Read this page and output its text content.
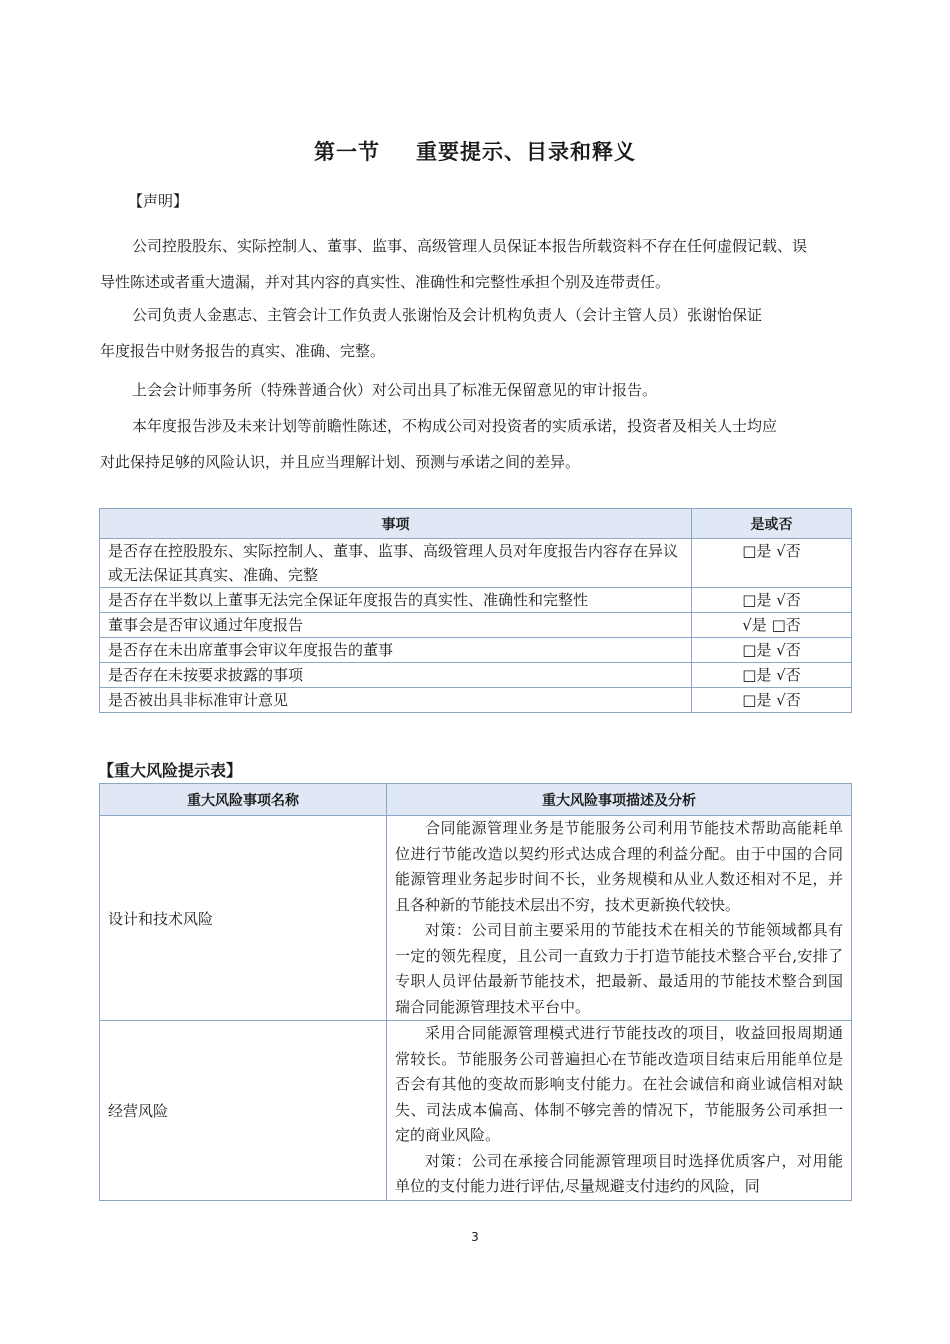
第一节 重要提示、目录和释义
【声明】
公司控股股东、实际控制人、董事、监事、高级管理人员保证本报告所载资料不存在任何虚假记载、误
导性陈述或者重大遗漏，并对其内容的真实性、准确性和完整性承担个别及连带责任。
公司负责人金惠志、主管会计工作负责人张谢怡及会计机构负责人（会计主管人员）张谢怡保证
年度报告中财务报告的真实、准确、完整。
上会会计师事务所（特殊普通合伙）对公司出具了标准无保留意见的审计报告。
本年度报告涉及未来计划等前瞻性陈述，不构成公司对投资者的实质承诺，投资者及相关人士均应
对此保持足够的风险认识，并且应当理解计划、预测与承诺之间的差异。
事项	是或否
是否存在控股股东、实际控制人、董事、监事、高级管理人员对年度报告内容存在异议或无法保证其真实、准确、完整	□是 √否
是否存在半数以上董事无法完全保证年度报告的真实性、准确性和完整性	□是 √否
董事会是否审议通过年度报告	√是 □否
是否存在未出席董事会审议年度报告的董事	□是 √否
是否存在未按要求披露的事项	□是 √否
是否被出具非标准审计意见	□是 √否
【重大风险提示表】
重大风险事项名称	重大风险事项描述及分析
设计和技术风险	合同能源管理业务是节能服务公司利用节能技术帮助高能耗单位进行节能改造以契约形式达成合理的利益分配。由于中国的合同能源管理业务起步时间不长，业务规模和从业人数还相对不足，并且各种新的节能技术层出不穷，技术更新换代较快。

对策：公司目前主要采用的节能技术在相关的节能领域都具有一定的领先程度，且公司一直致力于打造节能技术整合平台,安排了专职人员评估最新节能技术，把最新、最适用的节能技术整合到国瑞合同能源管理技术平台中。

经营风险	采用合同能源管理模式进行节能技改的项目，收益回报周期通常较长。节能服务公司普遍担心在节能改造项目结束后用能单位是否会有其他的变故而影响支付能力。在社会诚信和商业诚信相对缺失、司法成本偏高、体制不够完善的情况下，节能服务公司承担一定的商业风险。

对策：公司在承接合同能源管理项目时选择优质客户，对用能单位的支付能力进行评估,尽量规避支付违约的风险，同

3
